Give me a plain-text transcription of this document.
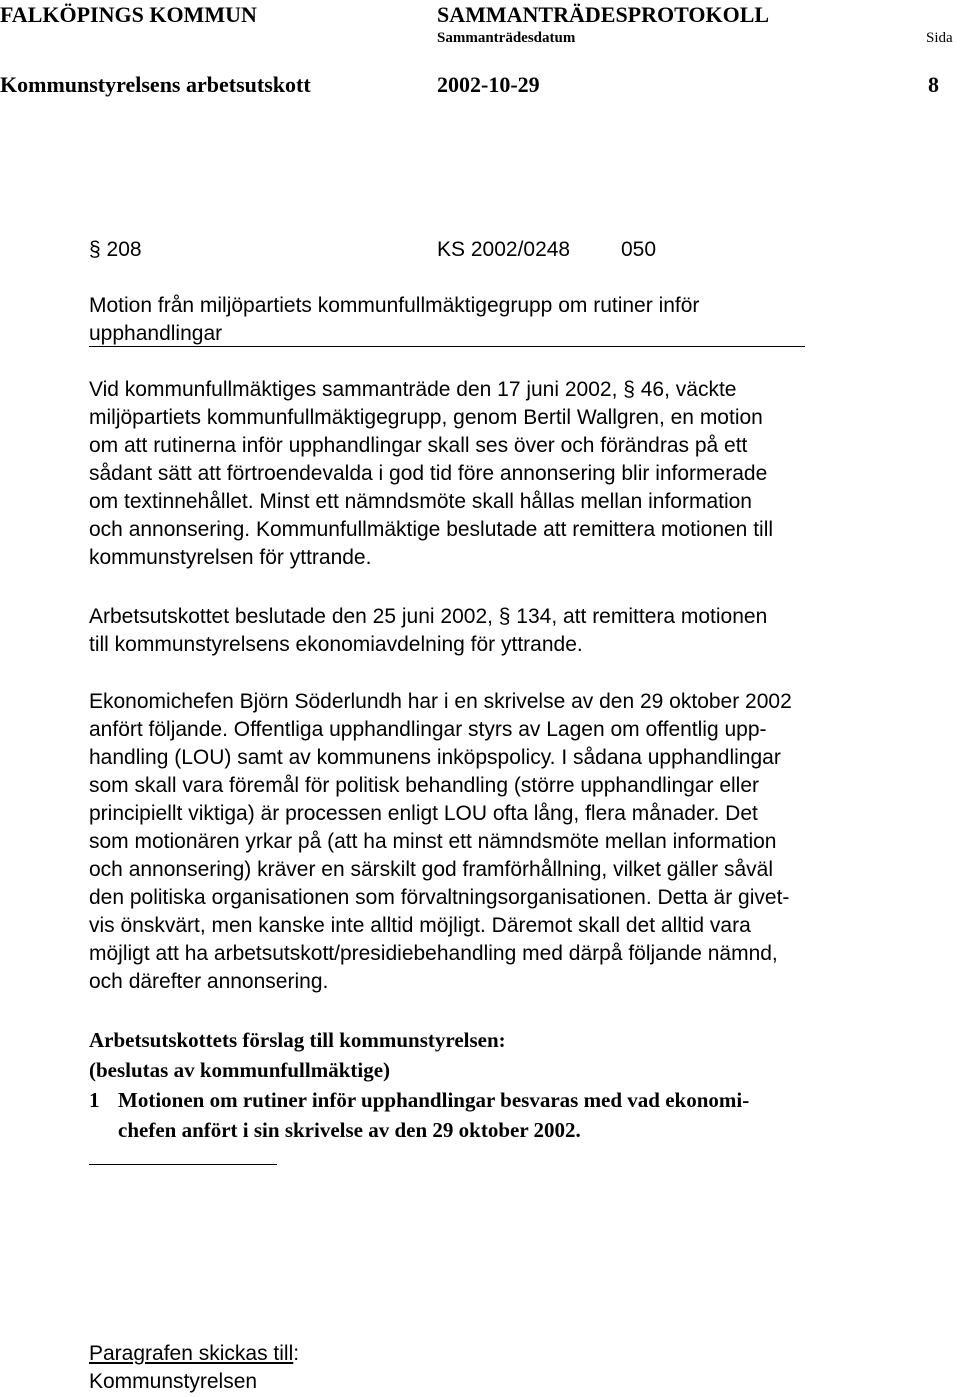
FALKÖPINGS KOMMUN	SAMMANTRÄDESPROTOKOLL
Sammanträdesdatum	Sida
Kommunstyrelsens arbetsutskott	2002-10-29	8
§ 208	KS 2002/0248 050
Motion från miljöpartiets kommunfullmäktigegrupp om rutiner inför
upphandlingar
Vid kommunfullmäktiges sammanträde den 17 juni 2002, § 46, väckte
miljöpartiets kommunfullmäktigegrupp, genom Bertil Wallgren, en motion
om att rutinerna inför upphandlingar skall ses över och förändras på ett
sådant sätt att förtroendevalda i god tid före annonsering blir informerade
om textinnehållet. Minst ett nämndsmöte skall hållas mellan information
och annonsering. Kommunfullmäktige beslutade att remittera motionen till
kommunstyrelsen för yttrande.
Arbetsutskottet beslutade den 25 juni 2002, § 134, att remittera motionen
till kommunstyrelsens ekonomiavdelning för yttrande.
Ekonomichefen Björn Söderlundh har i en skrivelse av den 29 oktober 2002
anfört följande. Offentliga upphandlingar styrs av Lagen om offentlig upp-
handling (LOU) samt av kommunens inköpspolicy. I sådana upphandlingar
som skall vara föremål för politisk behandling (större upphandlingar eller
principiellt viktiga) är processen enligt LOU ofta lång, flera månader. Det
som motionären yrkar på (att ha minst ett nämndsmöte mellan information
och annonsering) kräver en särskilt god framförhållning, vilket gäller såväl
den politiska organisationen som förvaltningsorganisationen. Detta är givet-
vis önskvärt, men kanske inte alltid möjligt. Däremot skall det alltid vara
möjligt att ha arbetsutskott/presidiebehandling med därpå följande nämnd,
och därefter annonsering.
Arbetsutskottets förslag till kommunstyrelsen:
(beslutas av kommunfullmäktige)
1 Motionen om rutiner inför upphandlingar besvaras med vad ekonomi-
chefen anfört i sin skrivelse av den 29 oktober 2002.
Paragrafen skickas till:
Kommunstyrelsen
